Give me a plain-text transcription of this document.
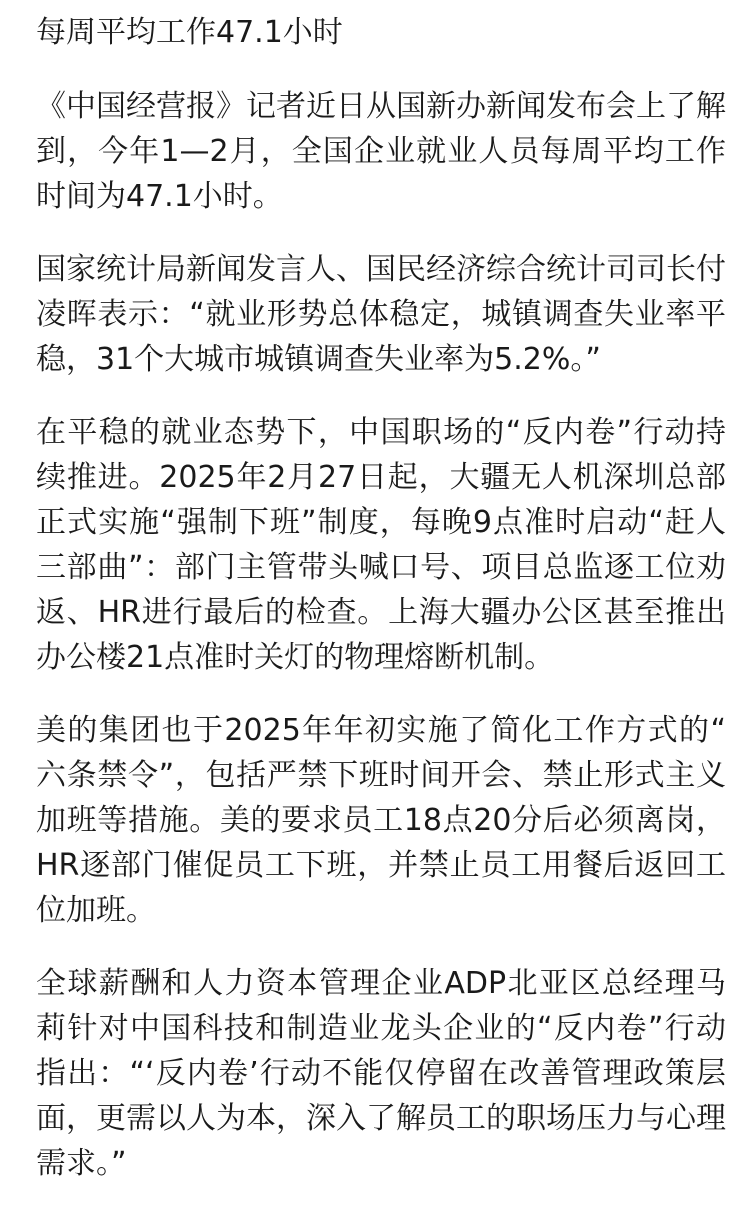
每周平均工作47.1小时

《中国经营报》记者近日从国新办新闻发布会上了解到，今年1—2月，全国企业就业人员每周平均工作时间为47.1小时。

国家统计局新闻发言人、国民经济综合统计司司长付凌晖表示：“就业形势总体稳定，城镇调查失业率平稳，31个大城市城镇调查失业率为5.2%。”

在平稳的就业态势下，中国职场的“反内卷”行动持续推进。2025年2月27日起，大疆无人机深圳总部正式实施“强制下班”制度，每晚9点准时启动“赶人三部曲”：部门主管带头喊口号、项目总监逐工位劝返、HR进行最后的检查。上海大疆办公区甚至推出办公楼21点准时关灯的物理熔断机制。

美的集团也于2025年年初实施了简化工作方式的“六条禁令”，包括严禁下班时间开会、禁止形式主义加班等措施。美的要求员工18点20分后必须离岗，HR逐部门催促员工下班，并禁止员工用餐后返回工位加班。

全球薪酬和人力资本管理企业ADP北亚区总经理马莉针对中国科技和制造业龙头企业的“反内卷”行动指出：“‘反内卷’行动不能仅停留在改善管理政策层面，更需以人为本，深入了解员工的职场压力与心理需求。”
